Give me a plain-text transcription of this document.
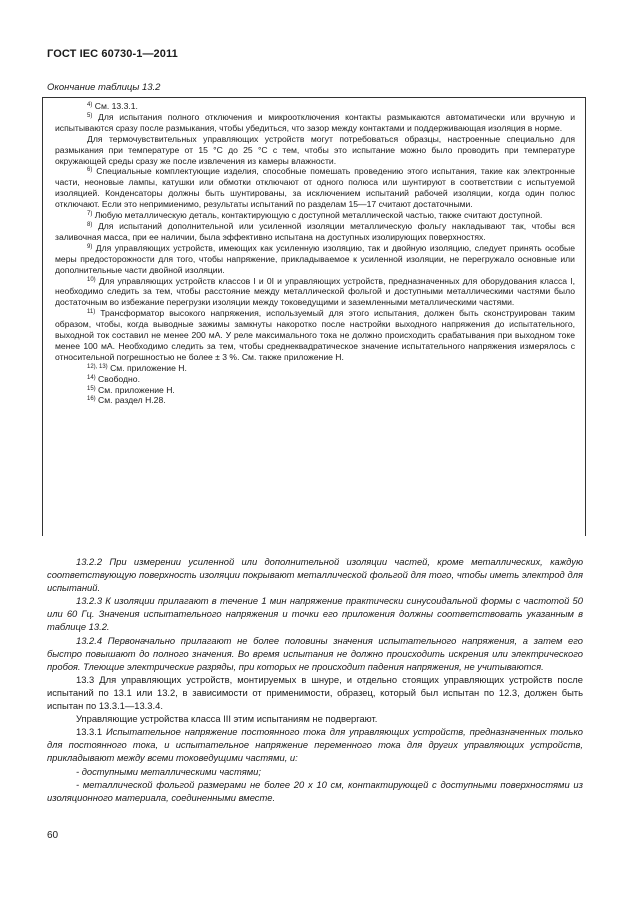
ГОСТ IEC 60730-1—2011
Окончание таблицы 13.2

$^{4)}$ См. 13.3.1.

$^{5)}$ Для испытания полного отключения и микроотключения контакты размыкаются автоматически или вручную и испытываются сразу после размыкания, чтобы убедиться, что зазор между контактами и поддерживающая изоляция в норме.

Для термочувствительных управляющих устройств могут потребоваться образцы, настроенные специально для размыкания при температуре от 15 °С до 25 °С с тем, чтобы это испытание можно было проводить при температуре окружающей среды сразу же после извлечения из камеры влажности.

$^{6)}$ Специальные комплектующие изделия, способные помешать проведению этого испытания, такие как электронные части, неоновые лампы, катушки или обмотки отключают от одного полюса или шунтируют в соответствии с испытуемой изоляцией. Конденсаторы должны быть шунтированы, за исключением испытаний рабочей изоляции, когда один полюс отключают. Если это непримиенимо, результаты испытаний по разделам 15—17 считают достаточными.

$^{7)}$ Любую металлическую деталь, контактирующую с доступной металлической частью, также считают доступной.

$^{8)}$ Для испытаний дополнительной или усиленной изоляции металлическую фольгу накладывают так, чтобы вся заливочная масса, при ее наличии, была эффективно испытана на доступных изолирующих поверхностях.

$^{9)}$ Для управляющих устройств, имеющих как усиленную изоляцию, так и двойную изоляцию, следует принять особые меры предосторожности для того, чтобы напряжение, прикладываемое к усиленной изоляции, не перегружало основные или дополнительные части двойной изоляции.

$^{10)}$ Для управляющих устройств классов I и 0I и управляющих устройств, предназначенных для оборудования класса I, необходимо следить за тем, чтобы расстояние между металлической фольгой и доступными металлическими частями было достаточным во избежание перегрузки изоляции между токоведущими и заземленными металлическими частями.

$^{11)}$ Трансформатор высокого напряжения, используемый для этого испытания, должен быть сконструирован таким образом, чтобы, когда выводные зажимы замкнуты накоротко после настройки выходного напряжения до испытательного, выходной ток составил не менее 200 мА. У реле максимального тока не должно происходить срабатывания при выходном токе менее 100 мА. Необходимо следить за тем, чтобы среднеквадратическое значение испытательного напряжения измерялось с относительной погрешностью не более ± 3 %. См. также приложение Н.

$^{12), 13)}$ См. приложение Н.

$^{14)}$ Свободно.

$^{15)}$ См. приложение Н.

$^{16)}$ См. раздел Н.28.

13.2.2 При измерении усиленной или дополнительной изоляции частей, кроме металлических, каждую соответствующую поверхность изоляции покрывают металлической фольгой для того, чтобы иметь электрод для испытаний.

13.2.3 К изоляции прилагают в течение 1 мин напряжение практически синусоидальной формы с частотой 50 или 60 Гц. Значения испытательного напряжения и точки его приложения должны соответствовать указанным в таблице 13.2.

13.2.4 Первоначально прилагают не более половины значения испытательного напряжения, а затем его быстро повышают до полного значения. Во время испытания не должно происходить искрения или электрического пробоя. Тлеющие электрические разряды, при которых не происходит падения напряжения, не учитываются.

13.3 Для управляющих устройств, монтируемых в шнуре, и отдельно стоящих управляющих устройств после испытаний по 13.1 или 13.2, в зависимости от применимости, образец, который был испытан по 12.3, должен быть испытан по 13.3.1—13.3.4.

Управляющие устройства класса III этим испытаниям не подвергают.

13.3.1 Испытательное напряжение постоянного тока для управляющих устройств, предназначенных только для постоянного тока, и испытательное напряжение переменного тока для других управляющих устройств, прикладывают между всеми токоведущими частями, и:

- доступными металлическими частями;

- металлической фольгой размерами не более 20 х 10 см, контактирующей с доступными поверхностями из изоляционного материала, соединенными вместе.

60
